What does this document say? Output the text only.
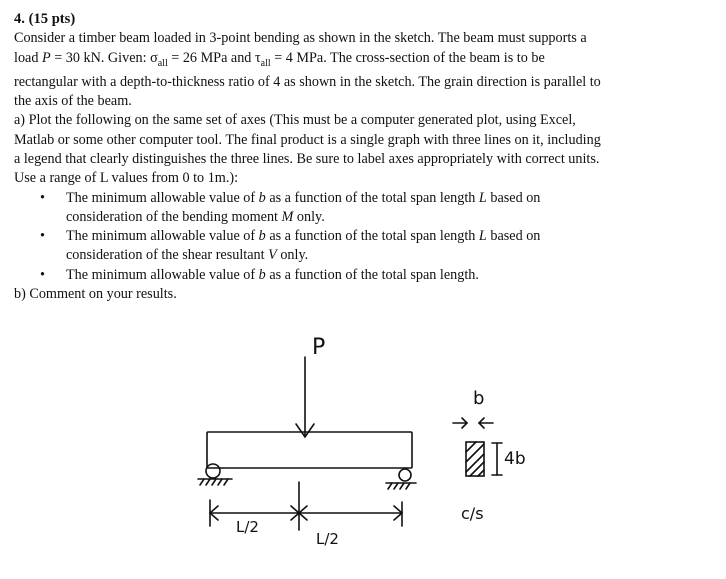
4. (15 pts)
Consider a timber beam loaded in 3-point bending as shown in the sketch. The beam must supports a
load P = 30 kN. Given: $\sigma_{all} = 26$ MPa and $\tau_{all} = 4$ MPa. The cross-section of the beam is to be
rectangular with a depth-to-thickness ratio of 4 as shown in the sketch. The grain direction is parallel to
the axis of the beam.
a) Plot the following on the same set of axes (This must be a computer generated plot, using Excel,
Matlab or some other computer tool. The final product is a single graph with three lines on it, including
a legend that clearly distinguishes the three lines. Be sure to label axes appropriately with correct units.
Use a range of L values from 0 to 1m.):
• The minimum allowable value of b as a function of the total span length L based on
consideration of the bending moment M only.
• The minimum allowable value of b as a function of the total span length L based on
consideration of the shear resultant V only.
• The minimum allowable value of b as a function of the total span length.
b) Comment on your results.
P
L/2
L/2
b
4b
c/s
